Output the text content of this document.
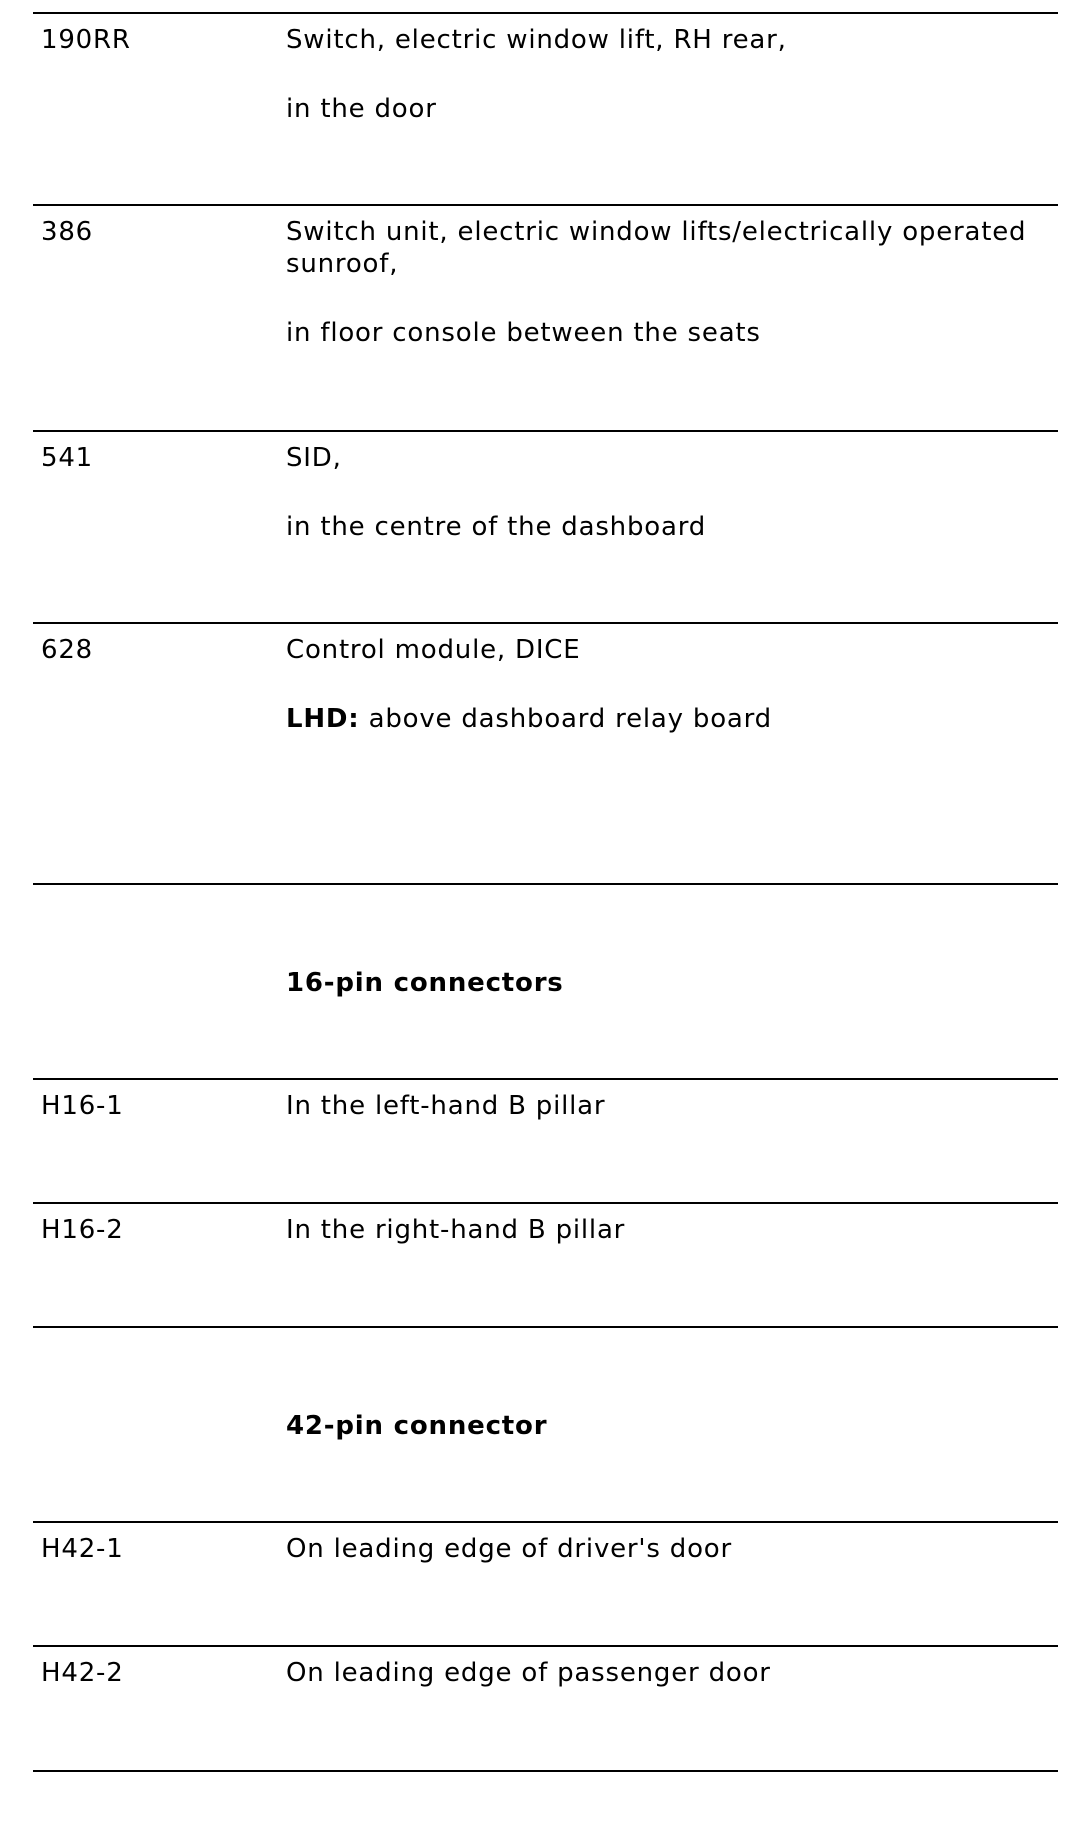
190RR	Switch, electric window lift, RH rear,

in the door

386	Switch unit, electric window lifts/electrically operated sunroof,

in floor console between the seats

541	SID,

in the centre of the dashboard

628	Control module, DICE

LHD: above dashboard relay board

16-pin connectors
H16-1	In the left-hand B pillar
H16-2	In the right-hand B pillar
42-pin connector
H42-1	On leading edge of driver's door
H42-2	On leading edge of passenger door
